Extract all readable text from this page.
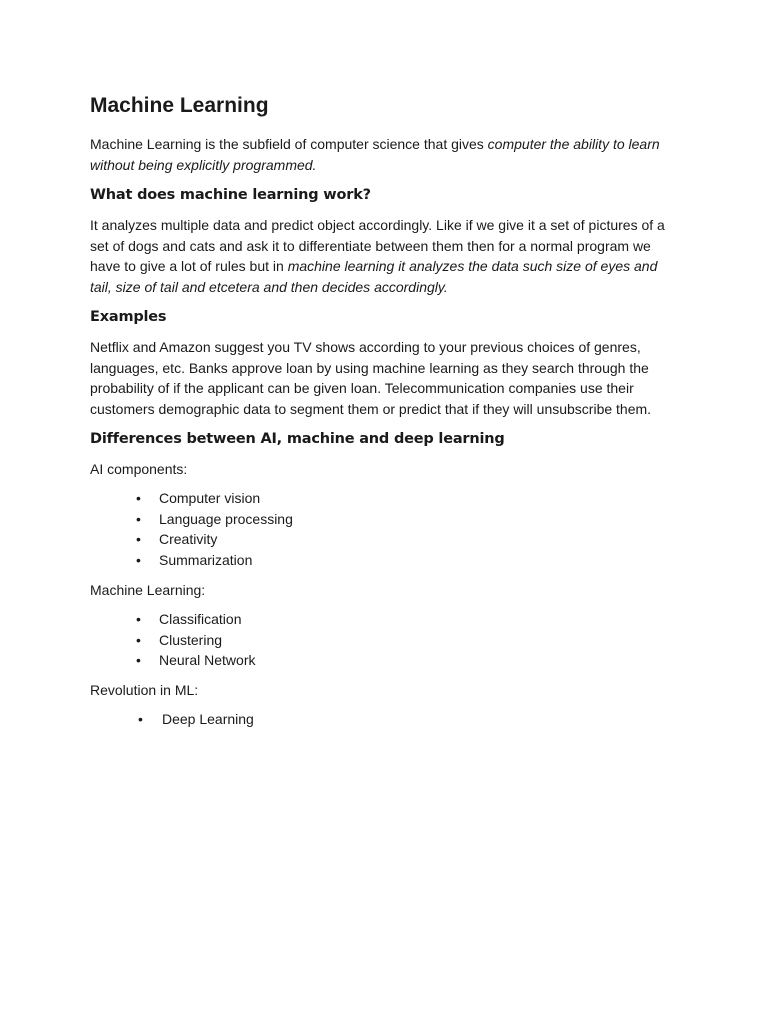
Machine Learning

Machine Learning is the subfield of computer science that gives computer the ability to learn without being explicitly programmed.

What does machine learning work?

It analyzes multiple data and predict object accordingly. Like if we give it a set of pictures of a set of dogs and cats and ask it to differentiate between them then for a normal program we have to give a lot of rules but in machine learning it analyzes the data such size of eyes and tail, size of tail and etcetera and then decides accordingly.

Examples

Netflix and Amazon suggest you TV shows according to your previous choices of genres, languages, etc. Banks approve loan by using machine learning as they search through the probability of if the applicant can be given loan. Telecommunication companies use their customers demographic data to segment them or predict that if they will unsubscribe them.

Differences between AI, machine and deep learning

AI components:

• Computer vision
• Language processing
• Creativity
• Summarization

Machine Learning:

• Classification
• Clustering
• Neural Network

Revolution in ML:

• Deep Learning
